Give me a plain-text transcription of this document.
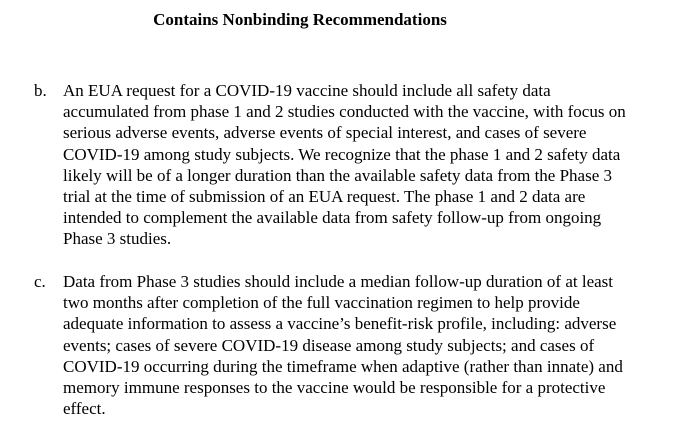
Contains Nonbinding Recommendations
b. An EUA request for a COVID-19 vaccine should include all safety data
accumulated from phase 1 and 2 studies conducted with the vaccine, with focus on
serious adverse events, adverse events of special interest, and cases of severe
COVID-19 among study subjects. We recognize that the phase 1 and 2 safety data
likely will be of a longer duration than the available safety data from the Phase 3
trial at the time of submission of an EUA request. The phase 1 and 2 data are
intended to complement the available data from safety follow-up from ongoing
Phase 3 studies.
c. Data from Phase 3 studies should include a median follow-up duration of at least
two months after completion of the full vaccination regimen to help provide
adequate information to assess a vaccine’s benefit-risk profile, including: adverse
events; cases of severe COVID-19 disease among study subjects; and cases of
COVID-19 occurring during the timeframe when adaptive (rather than innate) and
memory immune responses to the vaccine would be responsible for a protective
effect.
